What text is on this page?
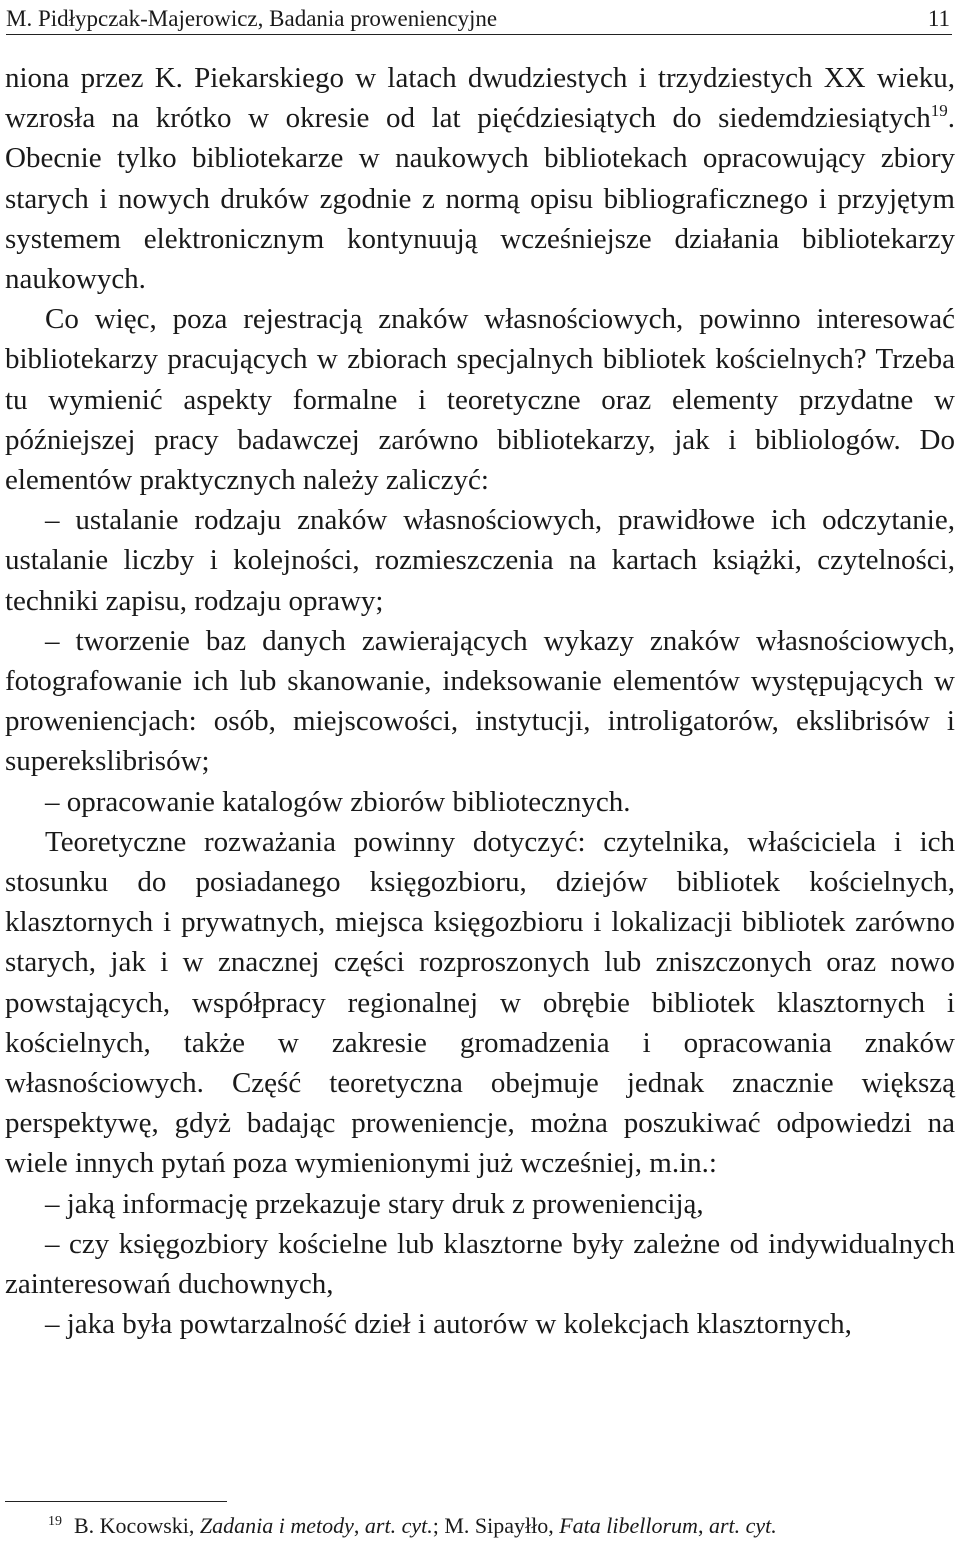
M. Pidłypczak-Majerowicz, Badania proweniencyjne	11

niona przez K. Piekarskiego w latach dwudziestych i trzydziestych XX wieku, wzrosła na krótko w okresie od lat pięćdziesiątych do siedemdziesiątych$^{19}$. Obecnie tylko bibliotekarze w naukowych bibliotekach opracowujący zbiory starych i nowych druków zgodnie z normą opisu bibliograficznego i przyjętym systemem elektronicznym kontynuują wcześniejsze działania bibliotekarzy naukowych.

Co więc, poza rejestracją znaków własnościowych, powinno interesować bibliotekarzy pracujących w zbiorach specjalnych bibliotek kościelnych? Trzeba tu wymienić aspekty formalne i teoretyczne oraz elementy przydatne w późniejszej pracy badawczej zarówno bibliotekarzy, jak i bibliologów. Do elementów praktycznych należy zaliczyć:

– ustalanie rodzaju znaków własnościowych, prawidłowe ich odczytanie, ustalanie liczby i kolejności, rozmieszczenia na kartach książki, czytelności, techniki zapisu, rodzaju oprawy;

– tworzenie baz danych zawierających wykazy znaków własnościowych, fotografowanie ich lub skanowanie, indeksowanie elementów występujących w proweniencjach: osób, miejscowości, instytucji, introligatorów, ekslibrisów i superekslibrisów;

– opracowanie katalogów zbiorów bibliotecznych.

Teoretyczne rozważania powinny dotyczyć: czytelnika, właściciela i ich stosunku do posiadanego księgozbioru, dziejów bibliotek kościelnych, klasztornych i prywatnych, miejsca księgozbioru i lokalizacji bibliotek zarówno starych, jak i w znacznej części rozproszonych lub zniszczonych oraz nowo powstających, współpracy regionalnej w obrębie bibliotek klasztornych i kościelnych, także w zakresie gromadzenia i opracowania znaków własnościowych. Część teoretyczna obejmuje jednak znacznie większą perspektywę, gdyż badając proweniencje, można poszukiwać odpowiedzi na wiele innych pytań poza wymienionymi już wcześniej, m.in.:

– jaką informację przekazuje stary druk z prowenienciją,

– czy księgozbiory kościelne lub klasztorne były zależne od indywidualnych zainteresowań duchownych,

– jaka była powtarzalność dzieł i autorów w kolekcjach klasztornych,

$^{19}$ B. Kocowski, Zadania i metody, art. cyt.; M. Sipayłło, Fata libellorum, art. cyt.
